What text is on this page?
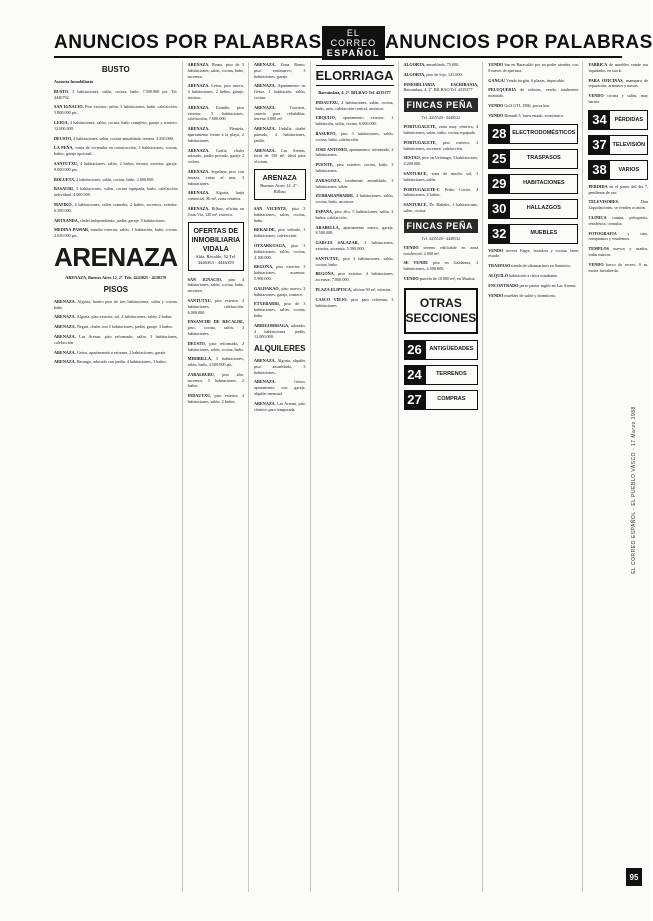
ANUNCIOS POR PALABRAS	EL CORREO
ESPAÑOL ANUNCIOS POR PALABRAS
BUSTO

Asesoría Inmobiliaria

BUSTO. 3 habitaciones, salón, cocina, baño. 7.500.000 pts. Tel. 4446792.

SAN IGNACIO. Piso exterior, salón, 3 habitaciones, baño, calefacción. 5.800.000 pts.

LEIOA, 4 habitaciones, salón, cocina, baño completo, garaje y trastero. 12.000.000.

DEUSTO, 2 habitaciones, salón, cocina amueblada, terraza. 3.350.000.

LA PEÑA, venta de viviendas en construcción, 3 habitaciones, cocina, baños, garaje opcional.

SANTUTXU, 4 habitaciones, salón, 2 baños, terraza, exterior, garaje. 9.000.000 pts.

BOLUETA, 2 habitaciones, salón, cocina, baño. 2.800.000.

BASAURI, 3 habitaciones, salón, cocina equipada, baño, calefacción individual. 4.000.000.

MATIKO, 4 habitaciones, salón comedor, 2 baños, ascensor, exterior. 6.500.000.

ARTXANDA, chalet independiente, jardín, garaje, 5 habitaciones.

MEDINA PAMAR, estudio exterior, salón, 1 habitación, baño, cocina. 2.650.000 pts.

ARENAZA

ARENAZA, Buenos Aires 12, 2º. Tels. 4243025 - 4230178

PISOS

ARENAZA. Algorta, bonito piso de tres habitaciones, salón y cocina, baño.

ARENAZA. Algorta, piso exterior, sol, 4 habitaciones, salón, 2 baños.

ARENAZA. Neguri, chalet con 5 habitaciones, jardín, garaje, 3 baños.

ARENAZA. Las Arenas, piso reformado, salón, 3 habitaciones, calefacción.

ARENAZA. Getxo, apartamento a estrenar, 2 habitaciones, garaje.

ARENAZA. Berango, adosado con jardín, 4 habitaciones, 3 baños.

ARENAZA. Romo, piso de 3 habitaciones, salón, cocina, baño, ascensor.

ARENAZA. Leioa, piso nuevo, 3 habitaciones, 2 baños, garaje, trastero.

ARENAZA. Erandio, piso exterior, 3 habitaciones, calefacción, 7.900.000.

ARENAZA.	Plentzia, apartamento frente a la playa, 2 habitaciones.

ARENAZA. Gorliz, chalet adosado, jardín privado, garaje 2 coches.

ARENAZA. Sopelana, piso con terraza, vistas al mar, 3 habitaciones.

ARENAZA. Algorta, lonja comercial, 80 m², zona céntrica.

ARENAZA. Bilbao, oficina en Gran Vía, 120 m², exterior.

OFERTAS DE INMOBILIARIA VIDALA
Alda. Recalde, 52 Tel. 4446363 - 4446359

SAN IGNACIO, piso 4 habitaciones, salón, cocina, baño, ascensor.

SANTUTXU, piso exterior, 3 habitaciones, calefacción, 6.000.000.

ENSANCHE DE RECALDE, piso, cocina, salón, 3 habitaciones.

DEUSTO, piso reformado, 2 habitaciones, salón, cocina, baño.

MIRIBILLA, 3 habitaciones, salón, baño, 4.500.000 pts.

ZABALBURU, piso alto, ascensor, 5 habitaciones, 2 baños.

INDAUTXU, piso exterior, 4 habitaciones, salón, 2 baños.

ARENAZA. Zona Romo, piso seminuevo, 3 habitaciones, garaje.

ARENAZA. Apartamento en Getxo, 1 habitación, salón, cocina.

ARENAZA.	Txorierri, caserío para rehabilitar, terreno 3.000 m².

ARENAZA. Urduliz, chalet pareado, 4 habitaciones, jardín.

ARENAZA. Las Arenas, local de 150 m², ideal para oficinas.

ARENAZA
Buenos Aires 12, 2º - Bilbao

SAN VICENTE, piso 3 habitaciones, salón, cocina, baño.

REKALDE, piso soleado, 3 habitaciones, calefacción.

OTXARKOAGA, piso 3 habitaciones, salón, cocina, 4.100.000.

BEGOÑA, piso exterior, 3 habitaciones, ascensor, 5.900.000.

GALDAKAO, piso nuevo, 2 habitaciones, garaje, trastero.

ETXEBARRI, piso de 3 habitaciones, salón, cocina, baño.

ARRIGORRIAGA, adosado, 4 habitaciones, jardín, 12.000.000.

ALQUILERES

ARENAZA. Algorta, alquiler piso amueblado, 3 habitaciones.

ARENAZA.	Getxo, apartamento con garaje, alquiler mensual.

ARENAZA. Las Arenas, piso céntrico para temporada.

ELORRIAGA

Barrainkua, 4, 2º. BILBAO Tel. 4235377

INDAUTXU, 4 habitaciones, salón, cocina, baño, aseo, calefacción central, ascensor.

URQUIJO, apartamento exterior, 1 habitación, salón, cocina, 6.000.000.

BASURTO, piso 3 habitaciones, salón, cocina, baño, calefacción.

JOSE ANTONIO, apartamento, reformado, 2 habitaciones.

PUENTE, piso exterior, cocina, baño, 3 habitaciones.

ZARAGOZA, totalmente amueblado, 3 habitaciones, salón.

ZURBARANBARRI, 4 habitaciones, salón, cocina, baño, ascensor.

ESPAÑA, piso alto, 5 habitaciones, salón, 2 baños, calefacción.

ARABELLA, apartamento nuevo, garaje, 8.500.000.

GARCIA SALAZAR, 3 habitaciones, exterior, ascensor, 5.500.000.

SANTUTXU, piso 3 habitaciones, salón, cocina, baño.

BEGOÑA, piso exterior, 4 habitaciones, ascensor, 7.000.000.

PLAZA ELIPTICA, oficina 90 m², exterior.

CASCO VIEJO, piso para reformar, 3 habitaciones.

ALGORTA, amueblado, 75.000.

ALGORTA, piso de lujo, 125.000.

INMOBILIARIA ESCRIBANIA, Barrainkua, 4, 2º. BILBAO Tel. 4235377

FINCAS PEÑA
Tel. 4435520 - 4448532

PORTUGALETE, zona muy céntrica, 4 habitaciones, salón, baño, cocina equipada.

PORTUGALETE, piso exterior, 3 habitaciones, ascensor, calefacción.

SESTAO, piso en Urbinaga, 3 habitaciones, 4.200.000.

SANTURCE, zona de mucho sol, 3 habitaciones, salón.

PORTUGALETE-C Pedro Cortes, 4 habitaciones, 2 baños.

SANTURCE, Dr. Bañales, 3 habitaciones, salón, cocina.

FINCAS PEÑA
Tel. 4435520 - 4448532

VENDO terreno edificable en zona residencial, 2.000 m².

SE VENDE piso en Galdames, 3 habitaciones, 4.500.000.

VENDO parcela de 10.000 m², en Muskiz.

OTRAS SECCIONES
26	ANTIGÜEDADES
24	TERRENOS
27	COMPRAS

VENDO bar en Baracaldo por no poder atender, con 8 meses de apertura.

GANGA! Vendo furgón, 6 plazas, impecable.

PELUQUERIA de señoras, vendo, totalmente montada.

VENDO Golf GTI, 1986, pocos km.

VENDO Renault 5, buen estado, económico.

28	ELECTRODOMÉSTICOS
25	TRASPASOS
29	HABITACIONES
30	HALLAZGOS
32	MUEBLES

VENDO nevera Fagor, lavadora y cocina, buen estado.

TRASPASO tienda de ultramarinos en Santutxu.

ALQUILO habitación a chica estudiante.

ENCONTRADO perro pastor inglés en Las Arenas.

VENDO muebles de salón y dormitorio.

FABRICA de muebles vende sus liquidados en stock.

PARA OFICINAS, mampara de separación, armarios y mesas.

VENDO cocina y salón, muy barato.

34	PÉRDIDAS
37	TELEVISIÓN
38	VARIOS

PERDIDA en el paseo del día 7, pendiente de oro.

TELEVISORES.	Don Liquidaciones, se venden ocasión.

CLINICA canina, peluquería, residencia, consulta.

FOTOGRAFIA	y cine, compramos y vendemos.

TEMPLOS nuevos y usados, todas marcas.

VENDO barco de recreo, 6 m, motor fueraborda.

EL CORREO ESPAÑOL - EL PUEBLO VASCO - 17 Marzo 1988
95
